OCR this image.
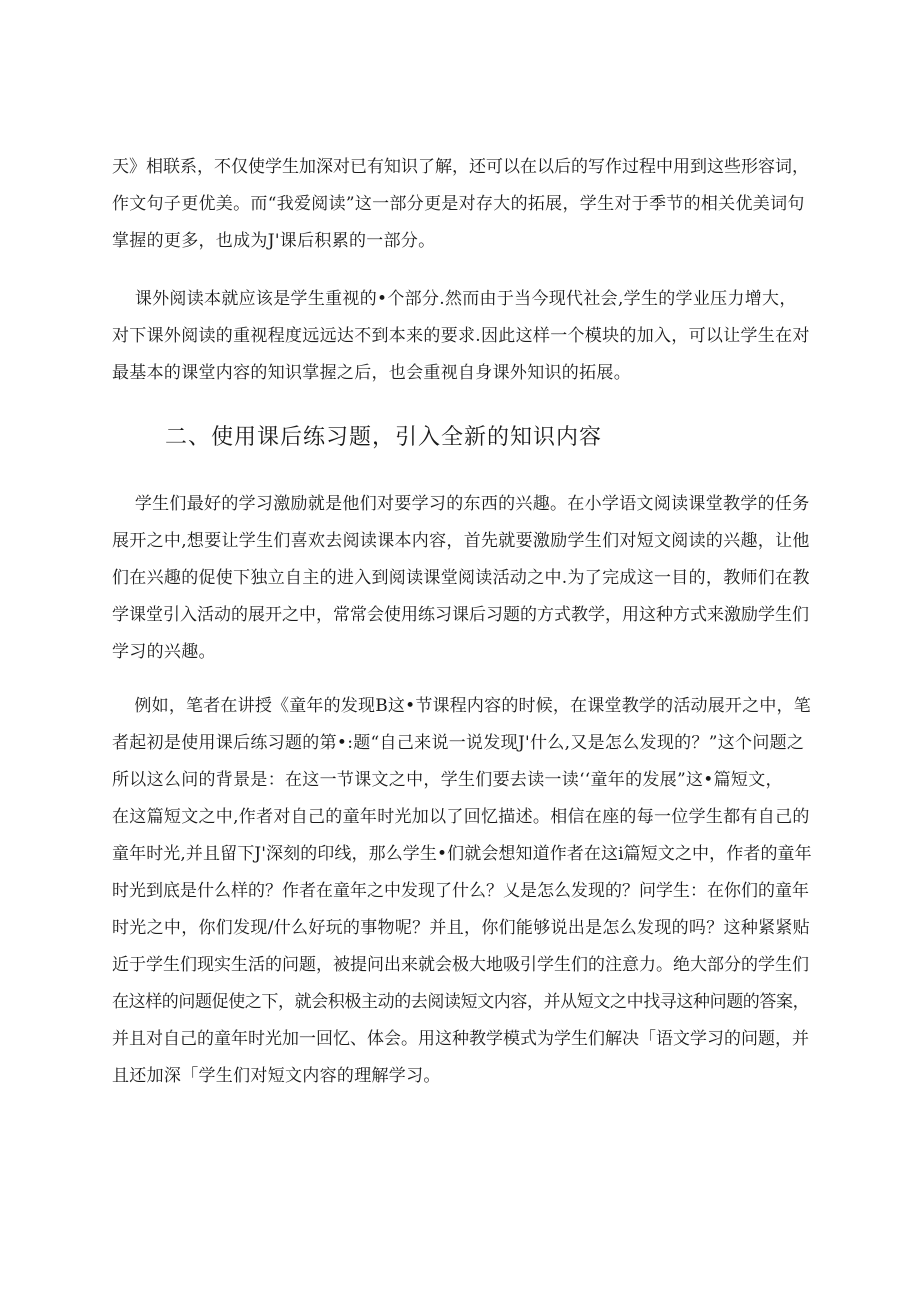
天》相联系，不仅使学生加深对已有知识了解，还可以在以后的写作过程中用到这些形容词，
作文句子更优美。而“我爱阅读”这一部分更是对存大的拓展，学生对于季节的相关优美词句
掌握的更多，也成为J'课后积累的一部分。

课外阅读本就应该是学生重视的•个部分.然而由于当今现代社会,学生的学业压力增大，
对下课外阅读的重视程度远远达不到本来的要求.因此这样一个模块的加入，可以让学生在对
最基本的课堂内容的知识掌握之后，也会重视自身课外知识的拓展。

二、使用课后练习题，引入全新的知识内容

学生们最好的学习激励就是他们对要学习的东西的兴趣。在小学语文阅读课堂教学的任务
展开之中,想要让学生们喜欢去阅读课本内容，首先就要激励学生们对短文阅读的兴趣，让他
们在兴趣的促使下独立自主的进入到阅读课堂阅读活动之中.为了完成这一目的，教师们在教
学课堂引入活动的展开之中，常常会使用练习课后习题的方式教学，用这种方式来激励学生们
学习的兴趣。

例如，笔者在讲授《童年的发现B这•节课程内容的时候，在课堂教学的活动展开之中，笔
者起初是使用课后练习题的第•:题“自己来说一说发现J'什么,又是怎么发现的？”这个问题之
所以这么问的背景是：在这一节课文之中，学生们要去读一读‘‘童年的发展”这•篇短文，
在这篇短文之中,作者对自己的童年时光加以了回忆描述。相信在座的每一位学生都有自己的
童年时光,并且留下J'深刻的印线，那么学生•们就会想知道作者在这i篇短文之中，作者的童年
时光到底是什么样的？作者在童年之中发现了什么？乂是怎么发现的？问学生：在你们的童年
时光之中，你们发现/什么好玩的事物呢？并且，你们能够说出是怎么发现的吗？这种紧紧贴
近于学生们现实生活的问题，被提问出来就会极大地吸引学生们的注意力。绝大部分的学生们
在这样的问题促使之下，就会积极主动的去阅读短文内容，并从短文之中找寻这种问题的答案，
并且对自己的童年时光加一回忆、体会。用这种教学模式为学生们解决「语文学习的问题，并
且还加深「学生们对短文内容的理解学习。
